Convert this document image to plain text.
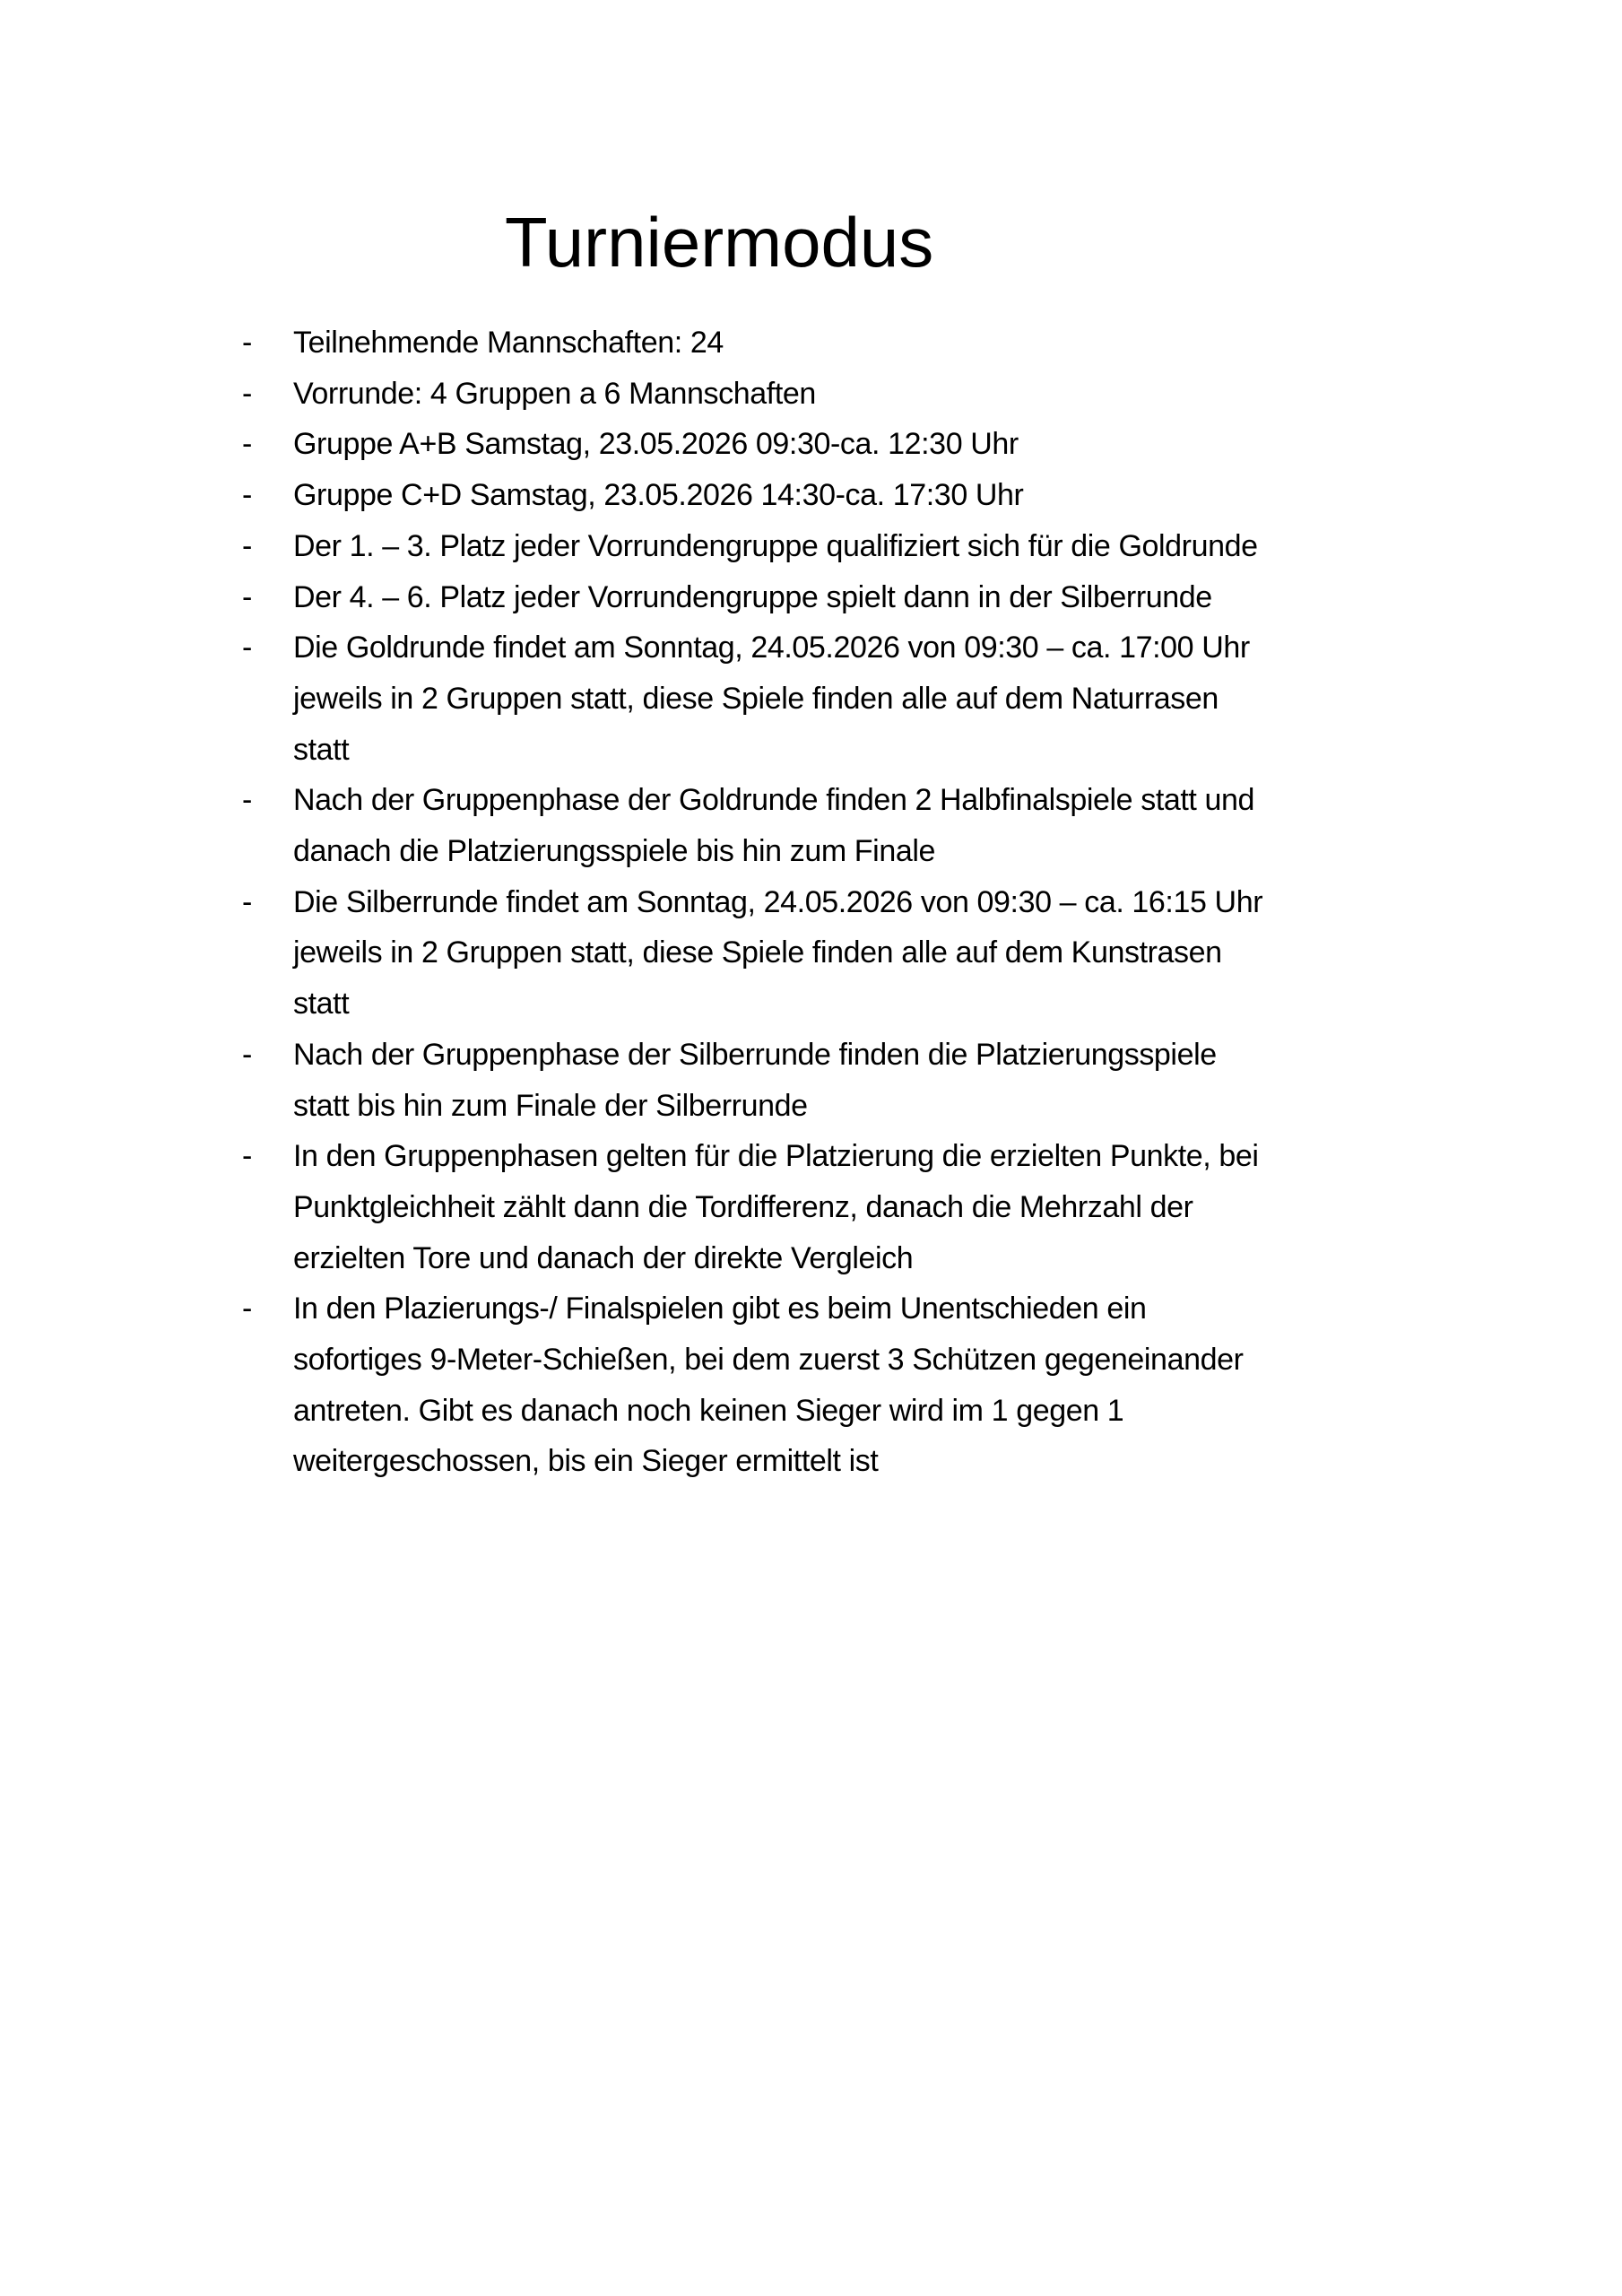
Turniermodus
- Teilnehmende Mannschaften: 24
- Vorrunde: 4 Gruppen a 6 Mannschaften
- Gruppe A+B Samstag, 23.05.2026 09:30-ca. 12:30 Uhr
- Gruppe C+D Samstag, 23.05.2026 14:30-ca. 17:30 Uhr
- Der 1. – 3. Platz jeder Vorrundengruppe qualifiziert sich für die Goldrunde
- Der 4. – 6. Platz jeder Vorrundengruppe spielt dann in der Silberrunde
- Die Goldrunde findet am Sonntag, 24.05.2026 von 09:30 – ca. 17:00 Uhr
jeweils in 2 Gruppen statt, diese Spiele finden alle auf dem Naturrasen
statt
- Nach der Gruppenphase der Goldrunde finden 2 Halbfinalspiele statt und
danach die Platzierungsspiele bis hin zum Finale
- Die Silberrunde findet am Sonntag, 24.05.2026 von 09:30 – ca. 16:15 Uhr
jeweils in 2 Gruppen statt, diese Spiele finden alle auf dem Kunstrasen
statt
- Nach der Gruppenphase der Silberrunde finden die Platzierungsspiele
statt bis hin zum Finale der Silberrunde
- In den Gruppenphasen gelten für die Platzierung die erzielten Punkte, bei
Punktgleichheit zählt dann die Tordifferenz, danach die Mehrzahl der
erzielten Tore und danach der direkte Vergleich
- In den Plazierungs-/ Finalspielen gibt es beim Unentschieden ein
sofortiges 9-Meter-Schießen, bei dem zuerst 3 Schützen gegeneinander
antreten. Gibt es danach noch keinen Sieger wird im 1 gegen 1
weitergeschossen, bis ein Sieger ermittelt ist
